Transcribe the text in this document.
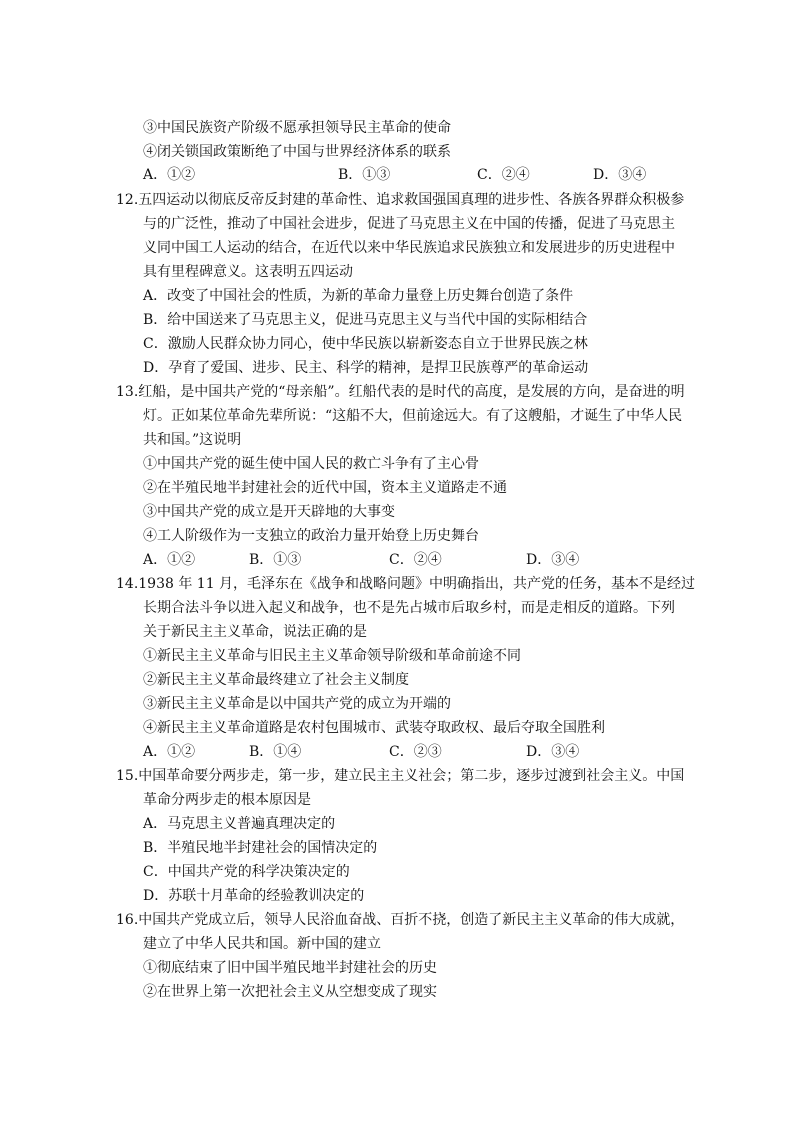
③中国民族资产阶级不愿承担领导民主革命的使命
④闭关锁国政策断绝了中国与世界经济体系的联系
A．①②	B．①③	C．②④	D．③④
12.五四运动以彻底反帝反封建的革命性、追求救国强国真理的进步性、各族各界群众积极参
与的广泛性，推动了中国社会进步，促进了马克思主义在中国的传播，促进了马克思主
义同中国工人运动的结合，在近代以来中华民族追求民族独立和发展进步的历史进程中
具有里程碑意义。这表明五四运动
A．改变了中国社会的性质，为新的革命力量登上历史舞台创造了条件
B．给中国送来了马克思主义，促进马克思主义与当代中国的实际相结合
C．激励人民群众协力同心，使中华民族以崭新姿态自立于世界民族之林
D．孕育了爱国、进步、民主、科学的精神，是捍卫民族尊严的革命运动
13.红船，是中国共产党的“母亲船”。红船代表的是时代的高度，是发展的方向，是奋进的明
灯。正如某位革命先辈所说：“这船不大，但前途远大。有了这艘船，才诞生了中华人民
共和国。”这说明
①中国共产党的诞生使中国人民的救亡斗争有了主心骨
②在半殖民地半封建社会的近代中国，资本主义道路走不通
③中国共产党的成立是开天辟地的大事变
④工人阶级作为一支独立的政治力量开始登上历史舞台
A．①②	B．①③	C．②④	D．③④
14.1938 年 11 月，毛泽东在《战争和战略问题》中明确指出，共产党的任务，基本不是经过
长期合法斗争以进入起义和战争，也不是先占城市后取乡村，而是走相反的道路。下列
关于新民主主义革命，说法正确的是
①新民主主义革命与旧民主主义革命领导阶级和革命前途不同
②新民主主义革命最终建立了社会主义制度
③新民主主义革命是以中国共产党的成立为开端的
④新民主主义革命道路是农村包围城市、武装夺取政权、最后夺取全国胜利
A．①②	B．①④	C．②③	D．③④
15.中国革命要分两步走，第一步，建立民主主义社会；第二步，逐步过渡到社会主义。中国
革命分两步走的根本原因是
A．马克思主义普遍真理决定的
B．半殖民地半封建社会的国情决定的
C．中国共产党的科学决策决定的
D．苏联十月革命的经验教训决定的
16.中国共产党成立后，领导人民浴血奋战、百折不挠，创造了新民主主义革命的伟大成就，
建立了中华人民共和国。新中国的建立
①彻底结束了旧中国半殖民地半封建社会的历史
②在世界上第一次把社会主义从空想变成了现实
